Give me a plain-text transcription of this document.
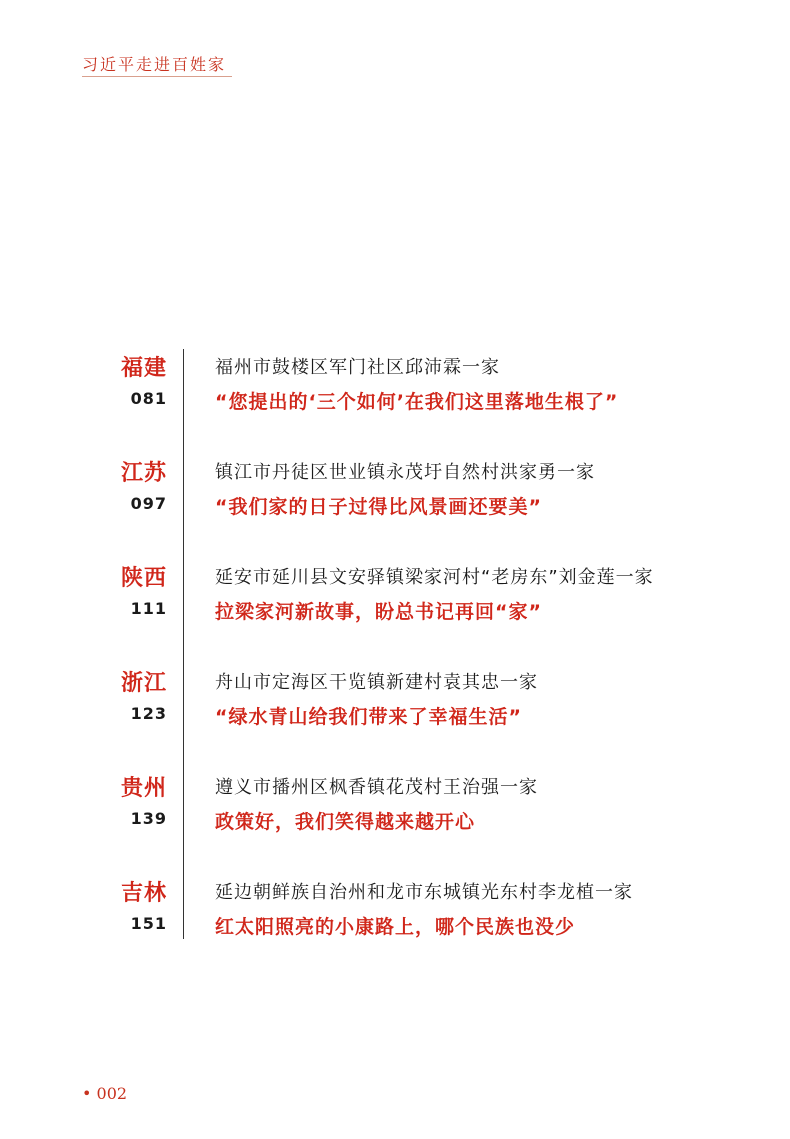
习近平走进百姓家
福建
081
福州市鼓楼区军门社区邱沛霖一家
“您提出的‘三个如何’在我们这里落地生根了”
江苏
097
镇江市丹徒区世业镇永茂圩自然村洪家勇一家
“我们家的日子过得比风景画还要美”
陕西
111
延安市延川县文安驿镇梁家河村“老房东”刘金莲一家
拉梁家河新故事，盼总书记再回“家”
浙江
123
舟山市定海区干览镇新建村袁其忠一家
“绿水青山给我们带来了幸福生活”
贵州
139
遵义市播州区枫香镇花茂村王治强一家
政策好，我们笑得越来越开心
吉林
151
延边朝鲜族自治州和龙市东城镇光东村李龙植一家
红太阳照亮的小康路上，哪个民族也没少
• 002
